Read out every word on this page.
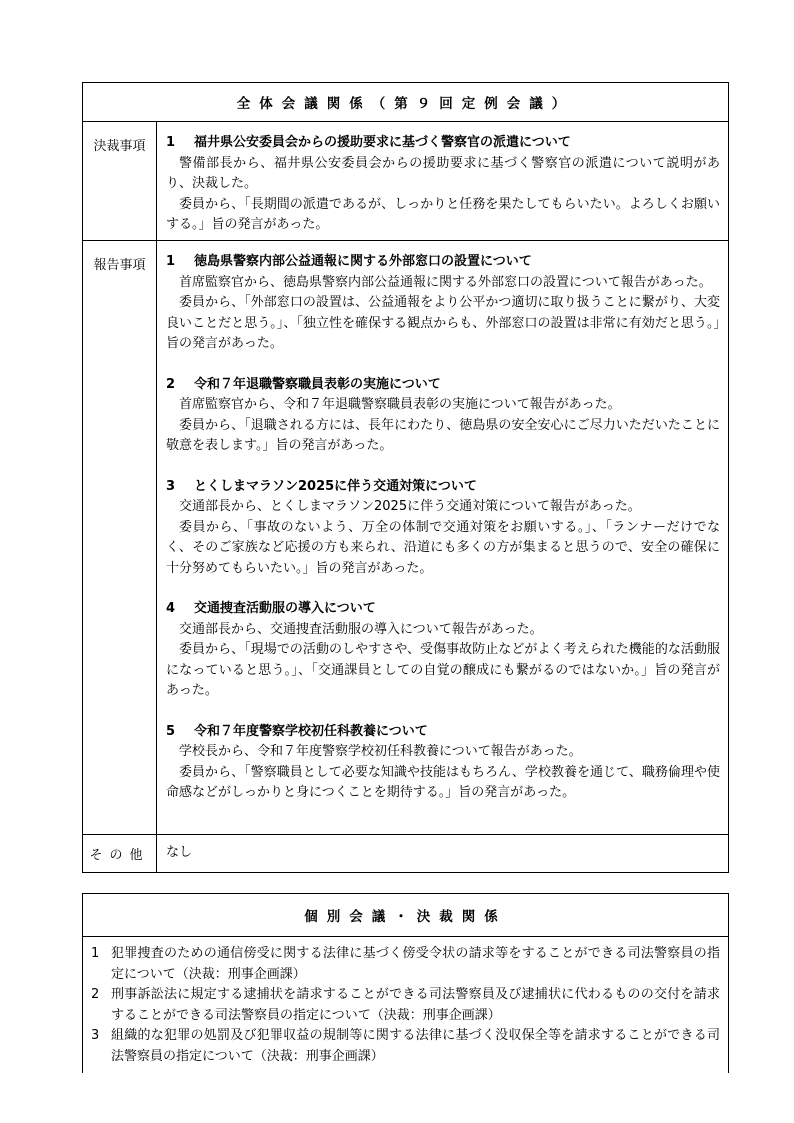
全体会議関係（第９回定例会議）
決裁事項	1	福井県公安委員会からの援助要求に基づく警察官の派遣について
警備部長から、福井県公安委員会からの援助要求に基づく警察官の派遣について説明があり、決裁した。
委員から、「長期間の派遣であるが、しっかりと任務を果たしてもらいたい。よろしくお願いする。」旨の発言があった。
報告事項	1	徳島県警察内部公益通報に関する外部窓口の設置について
首席監察官から、徳島県警察内部公益通報に関する外部窓口の設置について報告があった。
委員から、「外部窓口の設置は、公益通報をより公平かつ適切に取り扱うことに繋がり、大変良いことだと思う。」、「独立性を確保する観点からも、外部窓口の設置は非常に有効だと思う。」旨の発言があった。
2	令和７年退職警察職員表彰の実施について
首席監察官から、令和７年退職警察職員表彰の実施について報告があった。
委員から、「退職される方には、長年にわたり、徳島県の安全安心にご尽力いただいたことに敬意を表します。」旨の発言があった。
3	とくしまマラソン2025に伴う交通対策について
交通部長から、とくしまマラソン2025に伴う交通対策について報告があった。
委員から、「事故のないよう、万全の体制で交通対策をお願いする。」、「ランナーだけでなく、そのご家族など応援の方も来られ、沿道にも多くの方が集まると思うので、安全の確保に十分努めてもらいたい。」旨の発言があった。
4	交通捜査活動服の導入について
交通部長から、交通捜査活動服の導入について報告があった。
委員から、「現場での活動のしやすさや、受傷事故防止などがよく考えられた機能的な活動服になっていると思う。」、「交通課員としての自覚の醸成にも繋がるのではないか。」旨の発言があった。
5	令和７年度警察学校初任科教養について
学校長から、令和７年度警察学校初任科教養について報告があった。
委員から、「警察職員として必要な知識や技能はもちろん、学校教養を通じて、職務倫理や使命感などがしっかりと身につくことを期待する。」旨の発言があった。
その他	なし
個別会議・決裁関係
1 犯罪捜査のための通信傍受に関する法律に基づく傍受令状の請求等をすることができる司法警察員の指定について（決裁：刑事企画課）
2 刑事訴訟法に規定する逮捕状を請求することができる司法警察員及び逮捕状に代わるものの交付を請求することができる司法警察員の指定について（決裁：刑事企画課）
3 組織的な犯罪の処罰及び犯罪収益の規制等に関する法律に基づく没収保全等を請求することができる司法警察員の指定について（決裁：刑事企画課）
